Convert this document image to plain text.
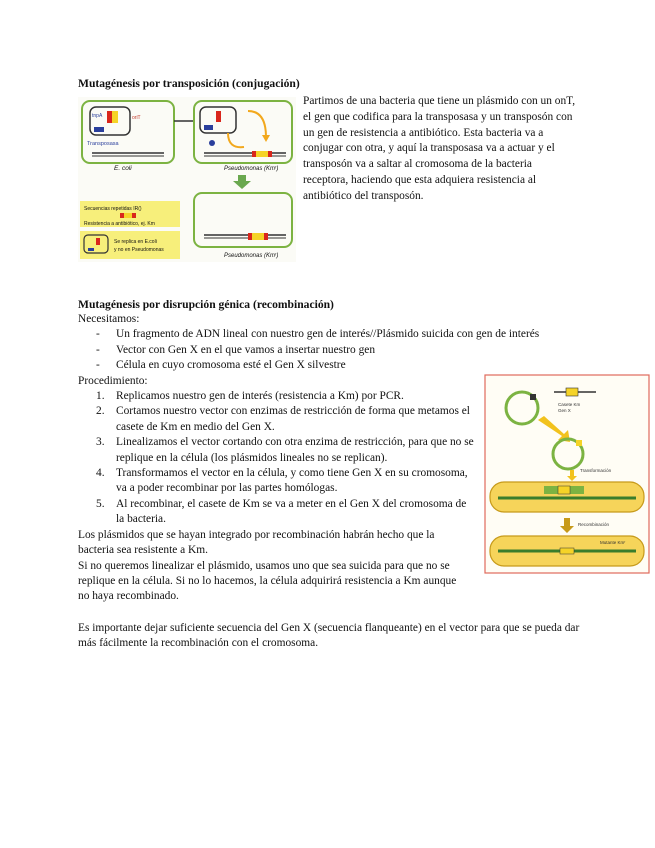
Mutagénesis por transposición (conjugación)
oriT
tnpA
Transposasa
E. coli	Pseudomonas (Kmʳ)
Pseudomonas (Kmʳ)
Secuencias repetidas IR()
Resistencia a antibiótico, ej. Km
Se replica en E.coli
y no en Pseudomonas

Partimos de una bacteria que tiene un plásmido con un onT, el gen que codifica para la transposasa y un transposón con un gen de resistencia a antibiótico. Esta bacteria va a conjugar con otra, y aquí la transposasa va a actuar y el transposón va a saltar al cromosoma de la bacteria receptora, haciendo que esta adquiera resistencia al antibiótico del transposón.

Mutagénesis por disrupción génica (recombinación)

Necesitamos:

- Un fragmento de ADN lineal con nuestro gen de interés//Plásmido suicida con gen de interés
- Vector con Gen X en el que vamos a insertar nuestro gen
- Célula en cuyo cromosoma esté el Gen X silvestre

Procedimiento:

1. Replicamos nuestro gen de interés (resistencia a Km) por PCR.
2. Cortamos nuestro vector con enzimas de restricción de forma que metamos el casete de Km en medio del Gen X.
3. Linealizamos el vector cortando con otra enzima de restricción, para que no se replique en la célula (los plásmidos lineales no se replican).
4. Transformamos el vector en la célula, y como tiene Gen X en su cromosoma, va a poder recombinar por las partes homólogas.
5. Al recombinar, el casete de Km se va a meter en el Gen X del cromosoma de la bacteria.

Los plásmidos que se hayan integrado por recombinación habrán hecho que la bacteria sea resistente a Km.

Si no queremos linealizar el plásmido, usamos uno que sea suicida para que no se replique en la célula. Si no lo hacemos, la célula adquirirá resistencia a Km aunque no haya recombinado.

Es importante dejar suficiente secuencia del Gen X (secuencia flanqueante) en el vector para que se pueda dar más fácilmente la recombinación con el cromosoma.

Casete Km
Gen X
Transformación
Recombinación
Mutante Kmʳ
